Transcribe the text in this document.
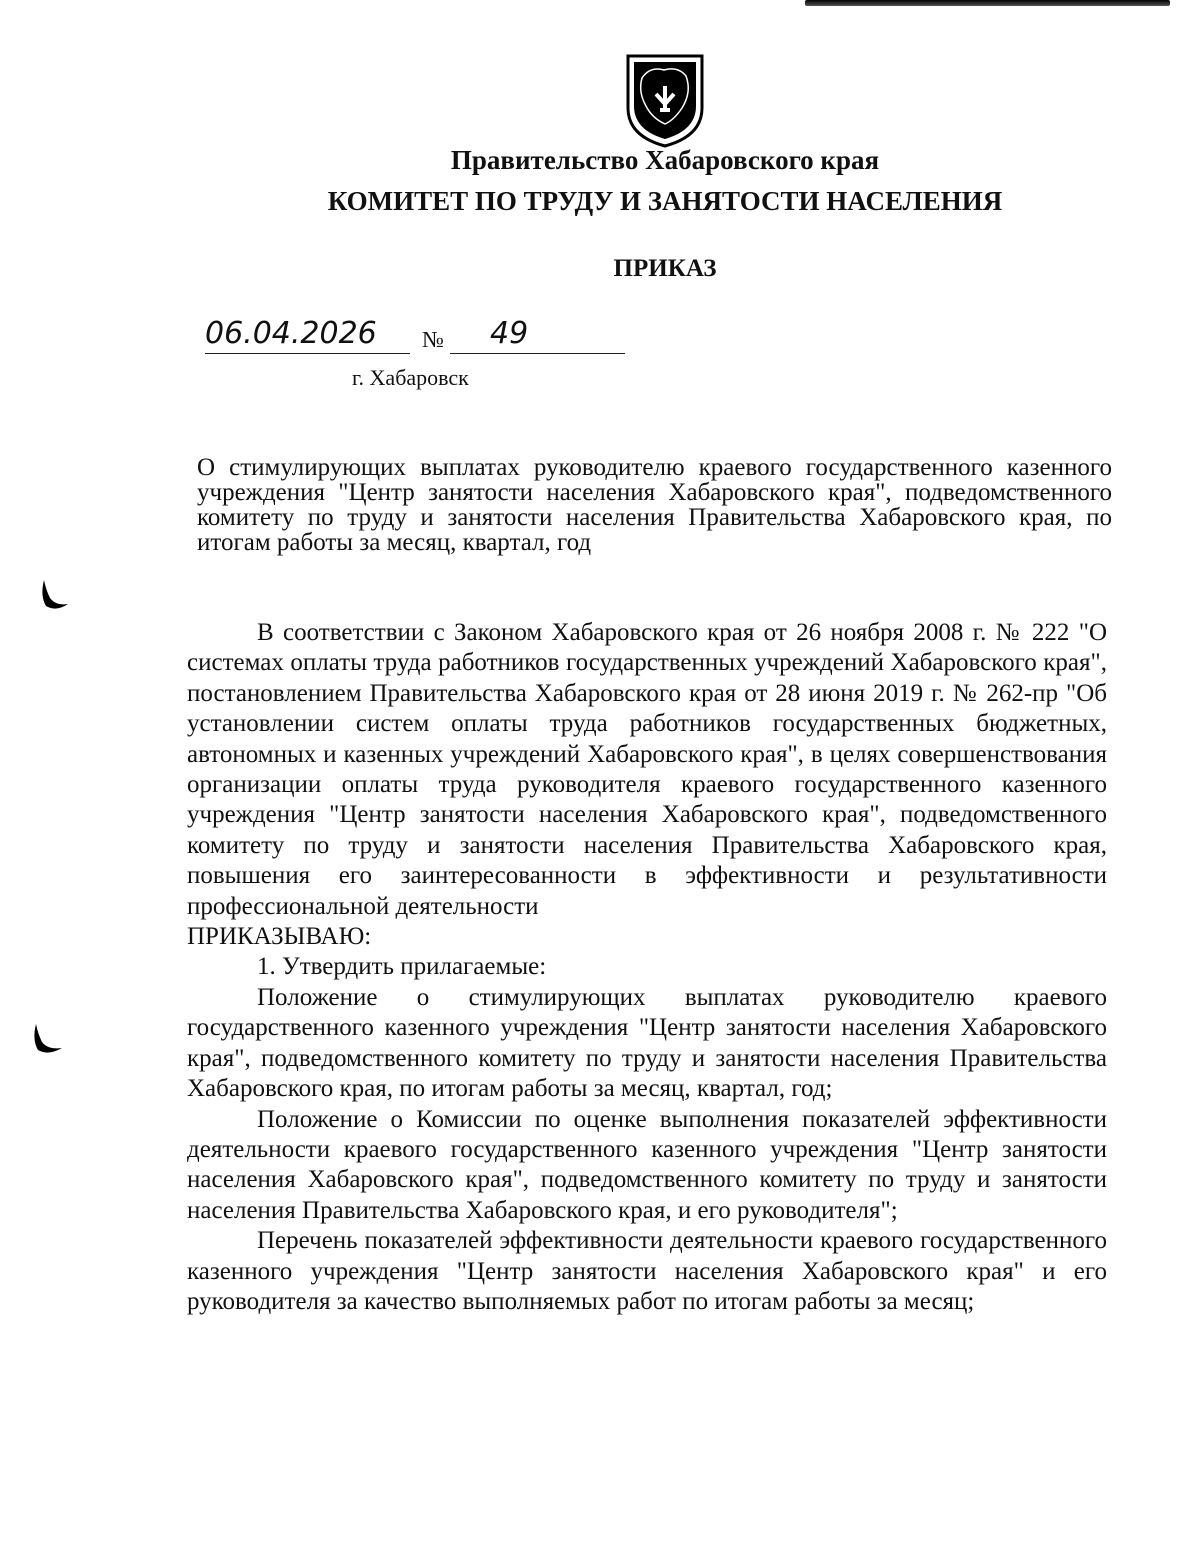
Правительство Хабаровского края
КОМИТЕТ ПО ТРУДУ И ЗАНЯТОСТИ НАСЕЛЕНИЯ
ПРИКАЗ
06.04.2026	№	49
г. Хабаровск
О стимулирующих выплатах руководителю краевого государственного казенного учреждения "Центр занятости населения Хабаровского края", подведомственного комитету по труду и занятости населения Правительства Хабаровского края, по итогам работы за месяц, квартал, год

В соответствии с Законом Хабаровского края от 26 ноября 2008 г. № 222 "О системах оплаты труда работников государственных учреждений Хабаровского края", постановлением Правительства Хабаровского края от 28 июня 2019 г. № 262-пр "Об установлении систем оплаты труда работников государственных бюджетных, автономных и казенных учреждений Хабаровского края", в целях совершенствования организации оплаты труда руководителя краевого государственного казенного учреждения "Центр занятости населения Хабаровского края", подведомственного комитету по труду и занятости населения Правительства Хабаровского края, повышения его заинтересованности в эффективности и результативности профессиональной деятельности

ПРИКАЗЫВАЮ:

1. Утвердить прилагаемые:

Положение о стимулирующих выплатах руководителю краевого государственного казенного учреждения "Центр занятости населения Хабаровского края", подведомственного комитету по труду и занятости населения Правительства Хабаровского края, по итогам работы за месяц, квартал, год;

Положение о Комиссии по оценке выполнения показателей эффективности деятельности краевого государственного казенного учреждения "Центр занятости населения Хабаровского края", подведомственного комитету по труду и занятости населения Правительства Хабаровского края, и его руководителя";

Перечень показателей эффективности деятельности краевого государственного казенного учреждения "Центр занятости населения Хабаровского края" и его руководителя за качество выполняемых работ по итогам работы за месяц;
